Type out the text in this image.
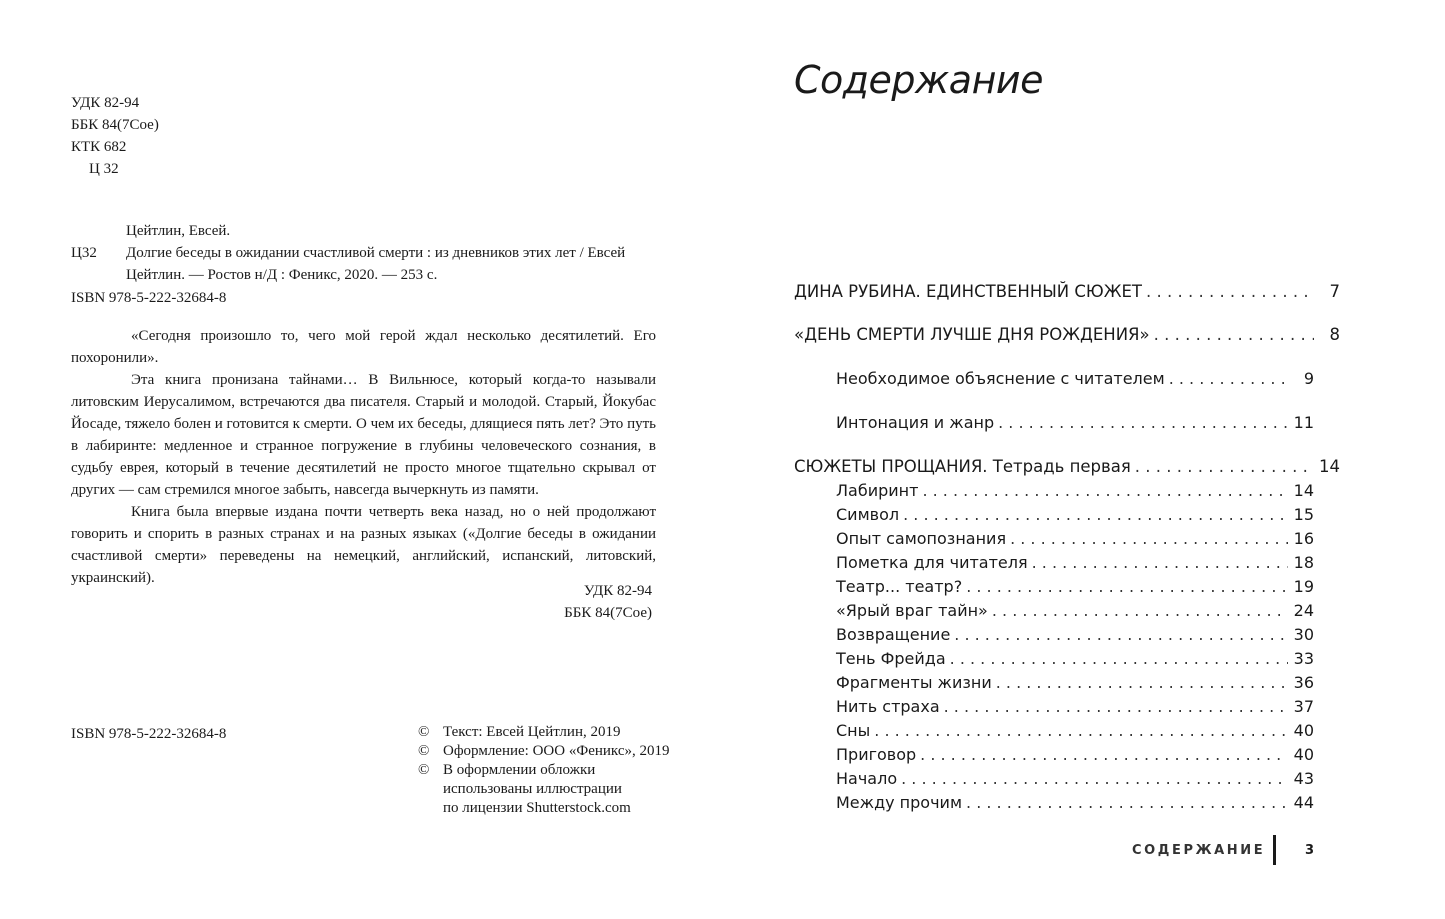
УДК 82-94
ББК 84(7Сое)
КТК 682
Ц 32
Цейтлин, Евсей.
Ц32 Долгие беседы в ожидании счастливой смерти : из дневников этих лет / Евсей Цейтлин. — Ростов н/Д : Феникс, 2020. — 253 с.
ISBN 978-5-222-32684-8

«Сегодня произошло то, чего мой герой ждал несколько десятилетий. Его похоронили».

Эта книга пронизана тайнами… В Вильнюсе, который когда-то называли литовским Иерусалимом, встречаются два писателя. Старый и молодой. Старый, Йокубас Йосаде, тяжело болен и готовится к смерти. О чем их беседы, длящиеся пять лет? Это путь в лабиринте: медленное и странное погружение в глубины человеческого сознания, в судьбу еврея, который в течение десятилетий не просто многое тщательно скрывал от других — сам стремился многое забыть, навсегда вычеркнуть из памяти.

Книга была впервые издана почти четверть века назад, но о ней продолжают говорить и спорить в разных странах и на разных языках («Долгие беседы в ожидании счастливой смерти» переведены на немецкий, английский, испанский, литовский, украинский).

УДК 82-94
ББК 84(7Сое)
ISBN 978-5-222-32684-8	© Текст: Евсей Цейтлин, 2019
© Оформление: ООО «Феникс», 2019
© В оформлении обложки
использованы иллюстрации
по лицензии Shutterstock.com
Содержание
ДИНА РУБИНА. ЕДИНСТВЕННЫЙ СЮЖЕТ . . .	7
«ДЕНЬ СМЕРТИ ЛУЧШЕ ДНЯ РОЖДЕНИЯ» . . .	8
Необходимое объяснение с читателем . . .	9
Интонация и жанр . . .	11
СЮЖЕТЫ ПРОЩАНИЯ. Тетрадь первая . . .	14
Лабиринт . . .	14
Символ . . .	15
Опыт самопознания . . .	16
Пометка для читателя . . .	18
Театр... театр? . . .	19
«Ярый враг тайн» . . .	24
Возвращение . . .	30
Тень Фрейда . . .	33
Фрагменты жизни . . .	36
Нить страха . . .	37
Сны . . .	40
Приговор . . .	40
Начало . . .	43
Между прочим . . .	44
СОДЕРЖАНИЕ	3
